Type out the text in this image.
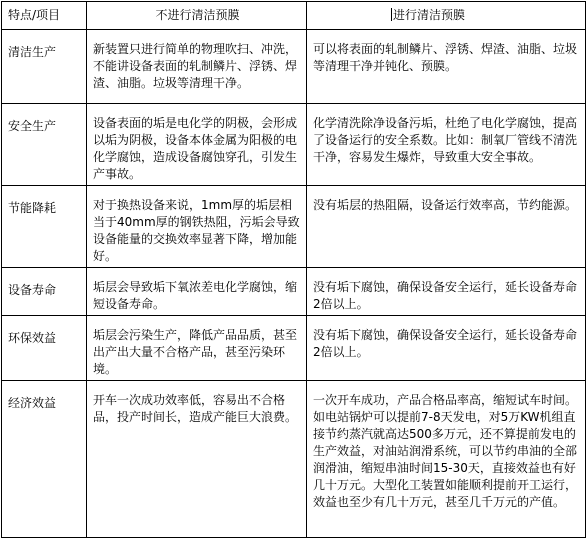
特点/项目	不进行清洁预膜	进行清洁预膜
清洁生产	新装置只进行简单的物理吹扫、冲洗，不能讲设备表面的轧制鳞片、浮锈、焊渣、油脂。垃圾等清理干净。	可以将表面的轧制鳞片、浮锈、焊渣、油脂、垃圾等清理干净并钝化、预膜。
安全生产	设备表面的垢是电化学的阴极，会形成以垢为阴极，设备本体金属为阳极的电化学腐蚀，造成设备腐蚀穿孔，引发生产事故。	化学清洗除净设备污垢，杜绝了电化学腐蚀，提高了设备运行的安全系数。比如：制氧厂管线不清洗干净，容易发生爆炸，导致重大安全事故。
节能降耗	对于换热设备来说，1mm厚的垢层相当于40mm厚的钢铁热阻，污垢会导致设备能量的交换效率显著下降，增加能好。	没有垢层的热阻隔，设备运行效率高，节约能源。
设备寿命	垢层会导致垢下氧浓差电化学腐蚀，缩短设备寿命。	没有垢下腐蚀，确保设备安全运行，延长设备寿命2倍以上。
环保效益	垢层会污染生产，降低产品品质，甚至出产出大量不合格产品，甚至污染环境。	没有垢下腐蚀，确保设备安全运行，延长设备寿命2倍以上。
经济效益	开车一次成功效率低，容易出不合格品，投产时间长，造成产能巨大浪费。	一次开车成功，产品合格品率高，缩短试车时间。如电站锅炉可以提前7-8天发电，对5万KW机组直接节约蒸汽就高达500多万元，还不算提前发电的生产效益，对油站润滑系统，可以节约串油的全部润滑油，缩短串油时间15-30天，直接效益也有好几十万元。大型化工装置如能顺利提前开工运行，效益也至少有几十万元，甚至几千万元的产值。
